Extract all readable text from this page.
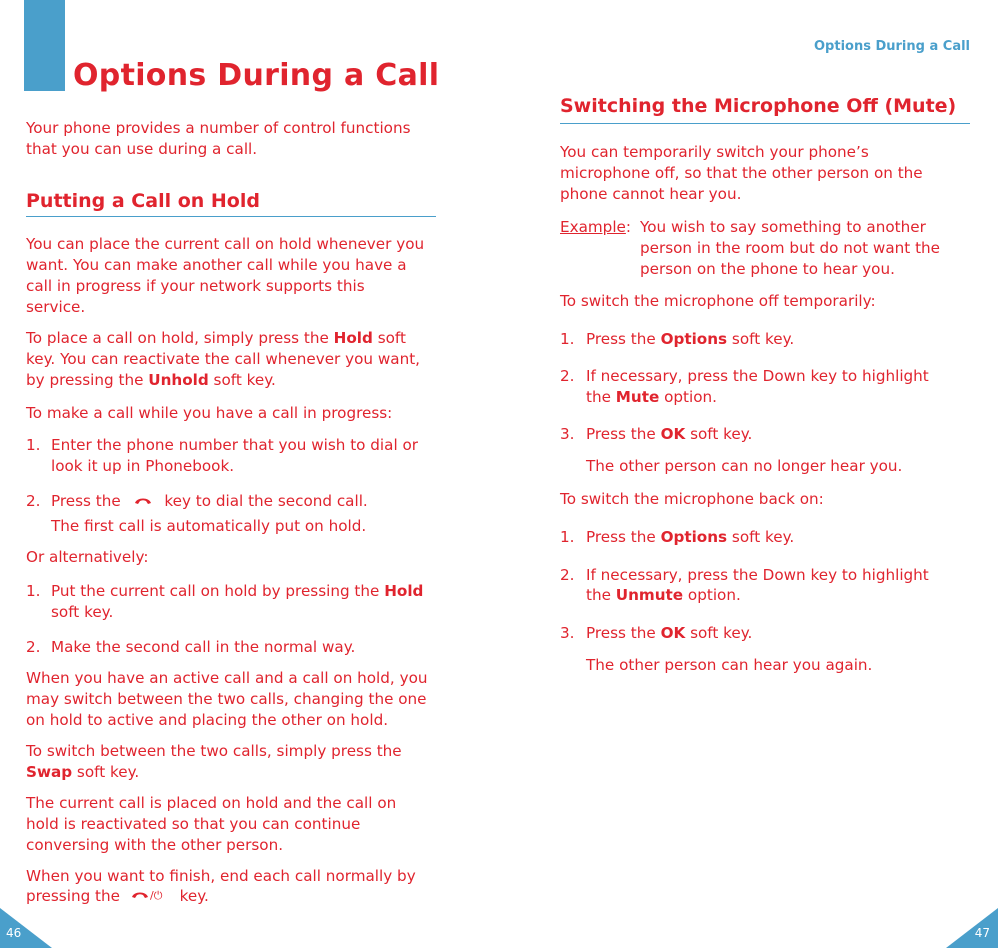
Options During a Call

Your phone provides a number of control functions

that you can use during a call.

Putting a Call on Hold

You can place the current call on hold whenever you

want. You can make another call while you have a

call in progress if your network supports this

service.

To place a call on hold, simply press the Hold soft

key. You can reactivate the call whenever you want,

by pressing the Unhold soft key.

To make a call while you have a call in progress:

1. Enter the phone number that you wish to dial or

look it up in Phonebook.

2. Press the  key to dial the second call.

The first call is automatically put on hold.

Or alternatively:

1. Put the current call on hold by pressing the Hold

soft key.

2. Make the second call in the normal way.

When you have an active call and a call on hold, you

may switch between the two calls, changing the one

on hold to active and placing the other on hold.

To switch between the two calls, simply press the

Swap soft key.

The current call is placed on hold and the call on

hold is reactivated so that you can continue

conversing with the other person.

When you want to finish, end each call normally by

pressing the /⏻ key.

46
Options During a Call
Switching the Microphone Off (Mute)

You can temporarily switch your phone’s

microphone off, so that the other person on the

phone cannot hear you.

Example: You wish to say something to another

person in the room but do not want the

person on the phone to hear you.

To switch the microphone off temporarily:

1. Press the Options soft key.

2. If necessary, press the Down key to highlight

the Mute option.

3. Press the OK soft key.

The other person can no longer hear you.

To switch the microphone back on:

1. Press the Options soft key.

2. If necessary, press the Down key to highlight

the Unmute option.

3. Press the OK soft key.

The other person can hear you again.

47
